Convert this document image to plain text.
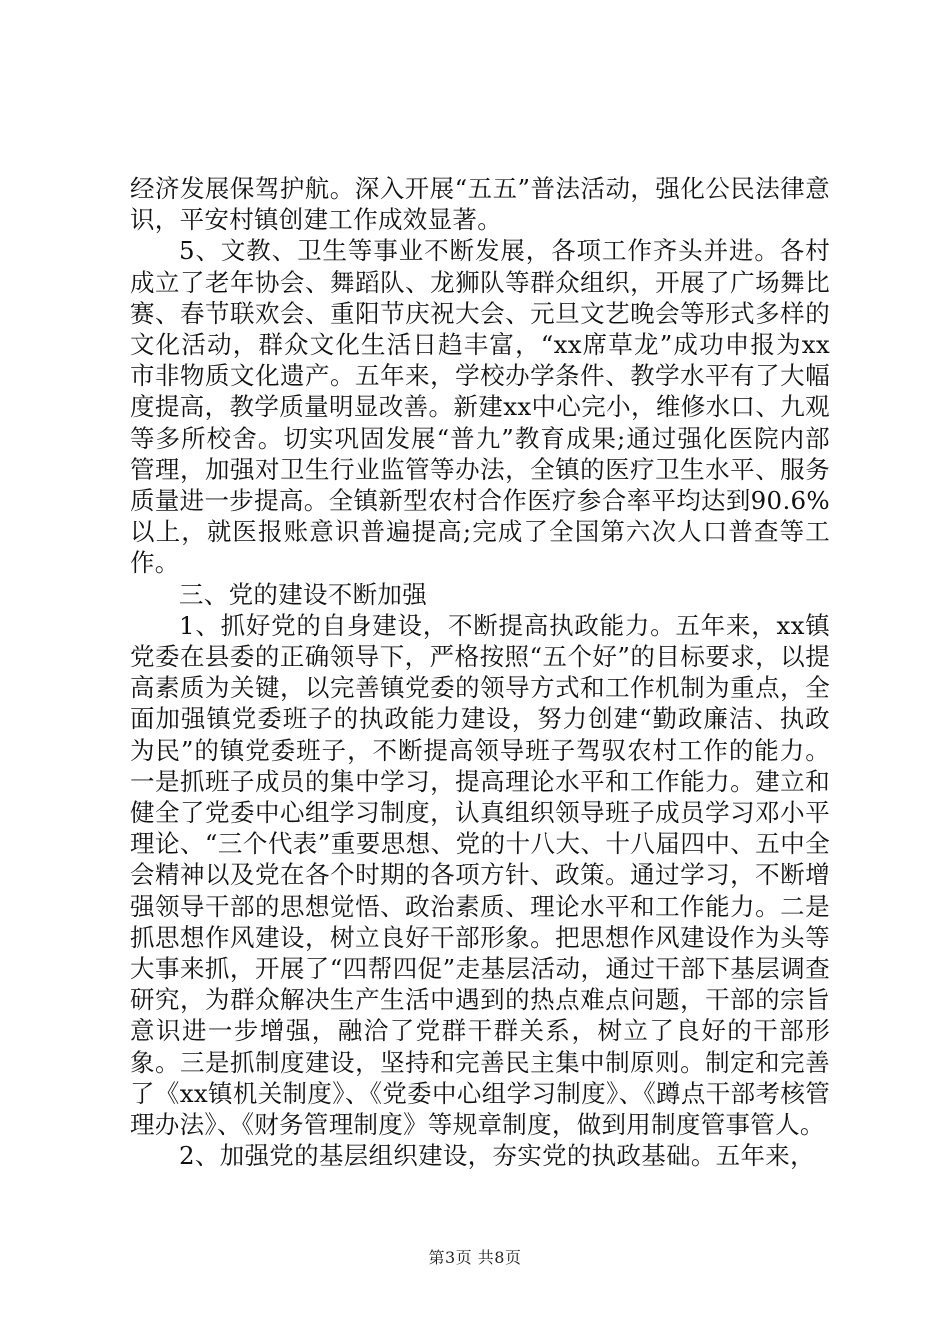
经济发展保驾护航。深入开展“五五”普法活动，强化公民法律意识，平安村镇创建工作成效显著。

5、文教、卫生等事业不断发展，各项工作齐头并进。各村成立了老年协会、舞蹈队、龙狮队等群众组织，开展了广场舞比赛、春节联欢会、重阳节庆祝大会、元旦文艺晚会等形式多样的文化活动，群众文化生活日趋丰富，“xx席草龙”成功申报为xx市非物质文化遗产。五年来，学校办学条件、教学水平有了大幅度提高，教学质量明显改善。新建xx中心完小，维修水口、九观等多所校舍。切实巩固发展“普九”教育成果;通过强化医院内部管理，加强对卫生行业监管等办法，全镇的医疗卫生水平、服务质量进一步提高。全镇新型农村合作医疗参合率平均达到90.6%以上，就医报账意识普遍提高;完成了全国第六次人口普查等工作。

三、党的建设不断加强

1、抓好党的自身建设，不断提高执政能力。五年来，xx镇党委在县委的正确领导下，严格按照“五个好”的目标要求，以提高素质为关键，以完善镇党委的领导方式和工作机制为重点，全面加强镇党委班子的执政能力建设，努力创建“勤政廉洁、执政为民”的镇党委班子，不断提高领导班子驾驭农村工作的能力。一是抓班子成员的集中学习，提高理论水平和工作能力。建立和健全了党委中心组学习制度，认真组织领导班子成员学习邓小平理论、“三个代表”重要思想、党的十八大、十八届四中、五中全会精神以及党在各个时期的各项方针、政策。通过学习，不断增强领导干部的思想觉悟、政治素质、理论水平和工作能力。二是抓思想作风建设，树立良好干部形象。把思想作风建设作为头等大事来抓，开展了“四帮四促”走基层活动，通过干部下基层调查研究，为群众解决生产生活中遇到的热点难点问题，干部的宗旨意识进一步增强，融洽了党群干群关系，树立了良好的干部形象。三是抓制度建设，坚持和完善民主集中制原则。制定和完善了《xx镇机关制度》、《党委中心组学习制度》、《蹲点干部考核管理办法》、《财务管理制度》等规章制度，做到用制度管事管人。

2、加强党的基层组织建设，夯实党的执政基础。五年来，

第3页 共8页
